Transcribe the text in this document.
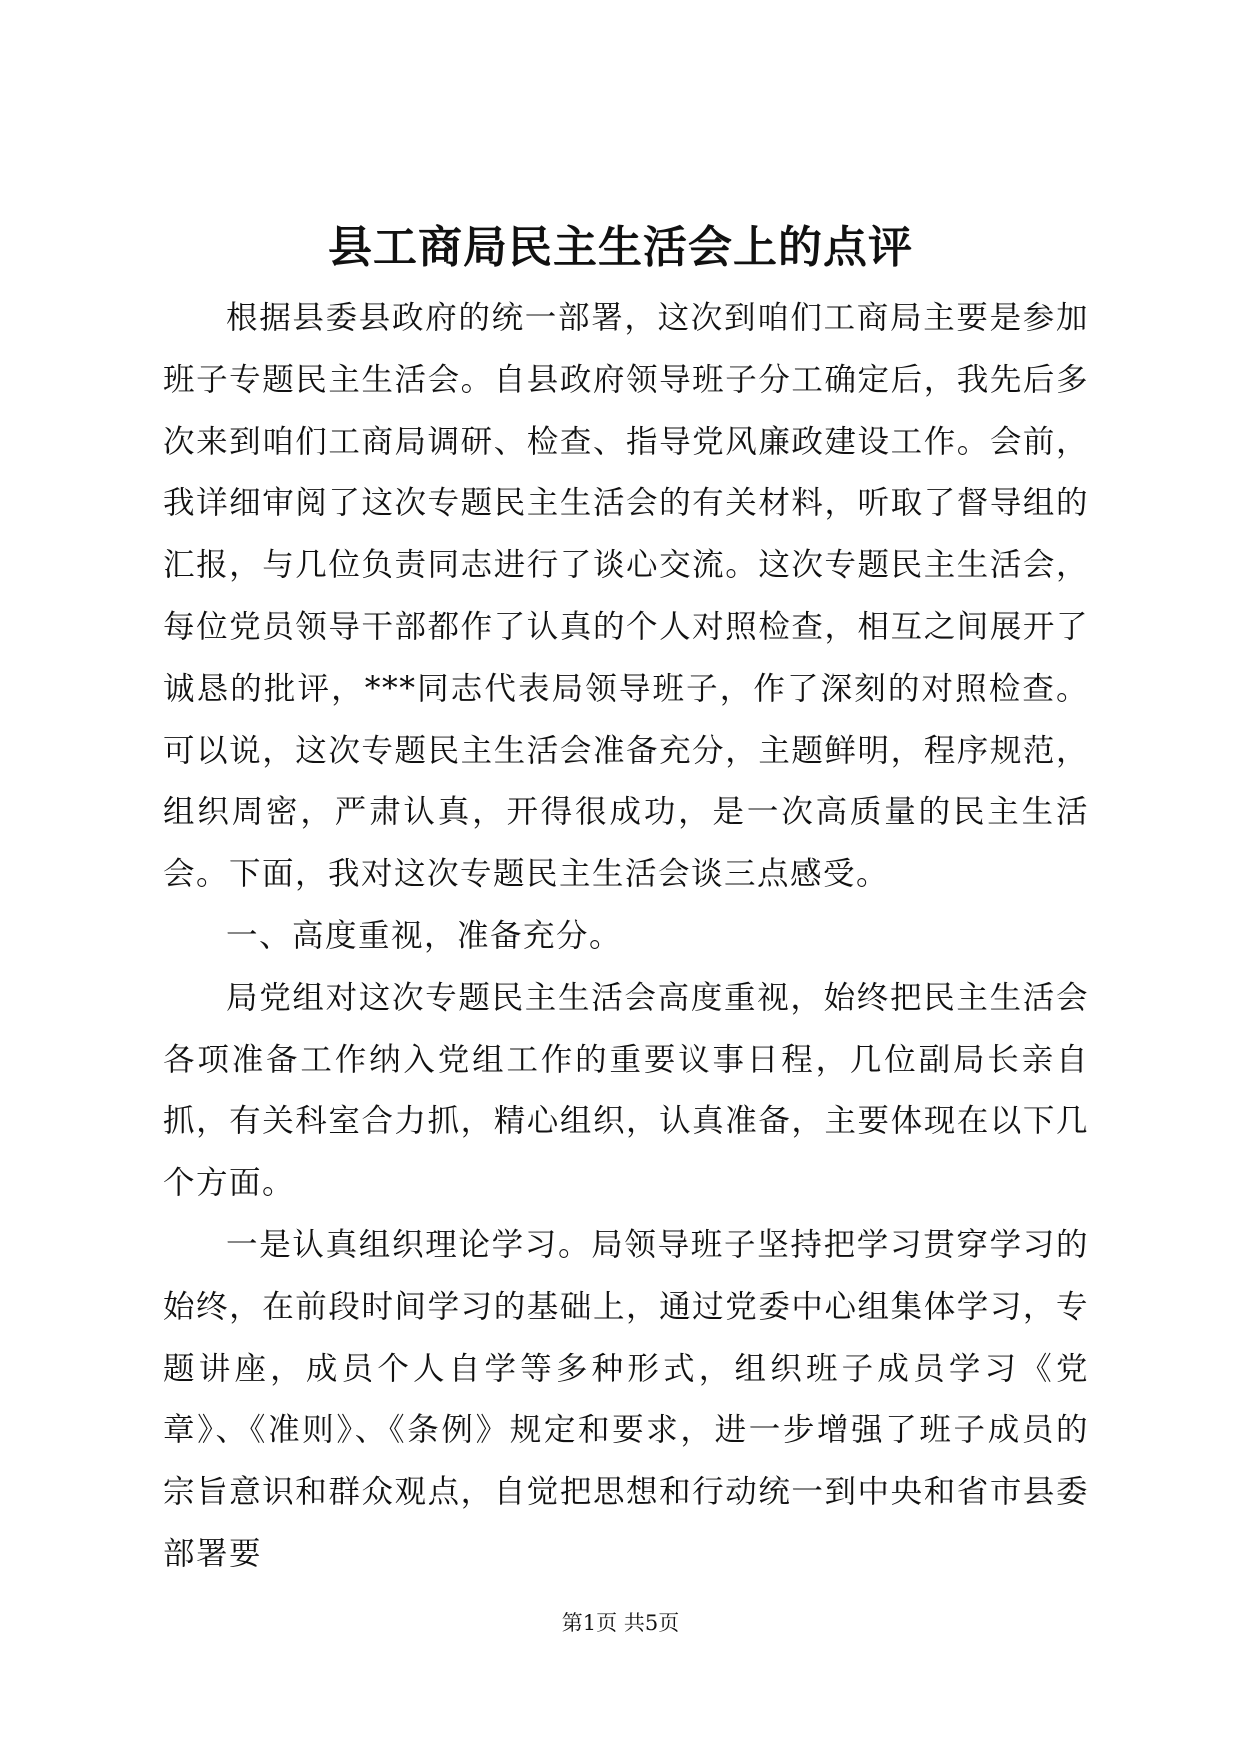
县工商局民主生活会上的点评

根据县委县政府的统一部署，这次到咱们工商局主要是参加班子专题民主生活会。自县政府领导班子分工确定后，我先后多次来到咱们工商局调研、检查、指导党风廉政建设工作。会前，我详细审阅了这次专题民主生活会的有关材料，听取了督导组的汇报，与几位负责同志进行了谈心交流。这次专题民主生活会，每位党员领导干部都作了认真的个人对照检查，相互之间展开了诚恳的批评，***同志代表局领导班子，作了深刻的对照检查。可以说，这次专题民主生活会准备充分，主题鲜明，程序规范，组织周密，严肃认真，开得很成功，是一次高质量的民主生活会。下面，我对这次专题民主生活会谈三点感受。

一、高度重视，准备充分。

局党组对这次专题民主生活会高度重视，始终把民主生活会各项准备工作纳入党组工作的重要议事日程，几位副局长亲自抓，有关科室合力抓，精心组织，认真准备，主要体现在以下几个方面。

一是认真组织理论学习。局领导班子坚持把学习贯穿学习的始终，在前段时间学习的基础上，通过党委中心组集体学习，专题讲座，成员个人自学等多种形式，组织班子成员学习《党章》、《准则》、《条例》规定和要求，进一步增强了班子成员的宗旨意识和群众观点，自觉把思想和行动统一到中央和省市县委部署要

第1页 共5页
